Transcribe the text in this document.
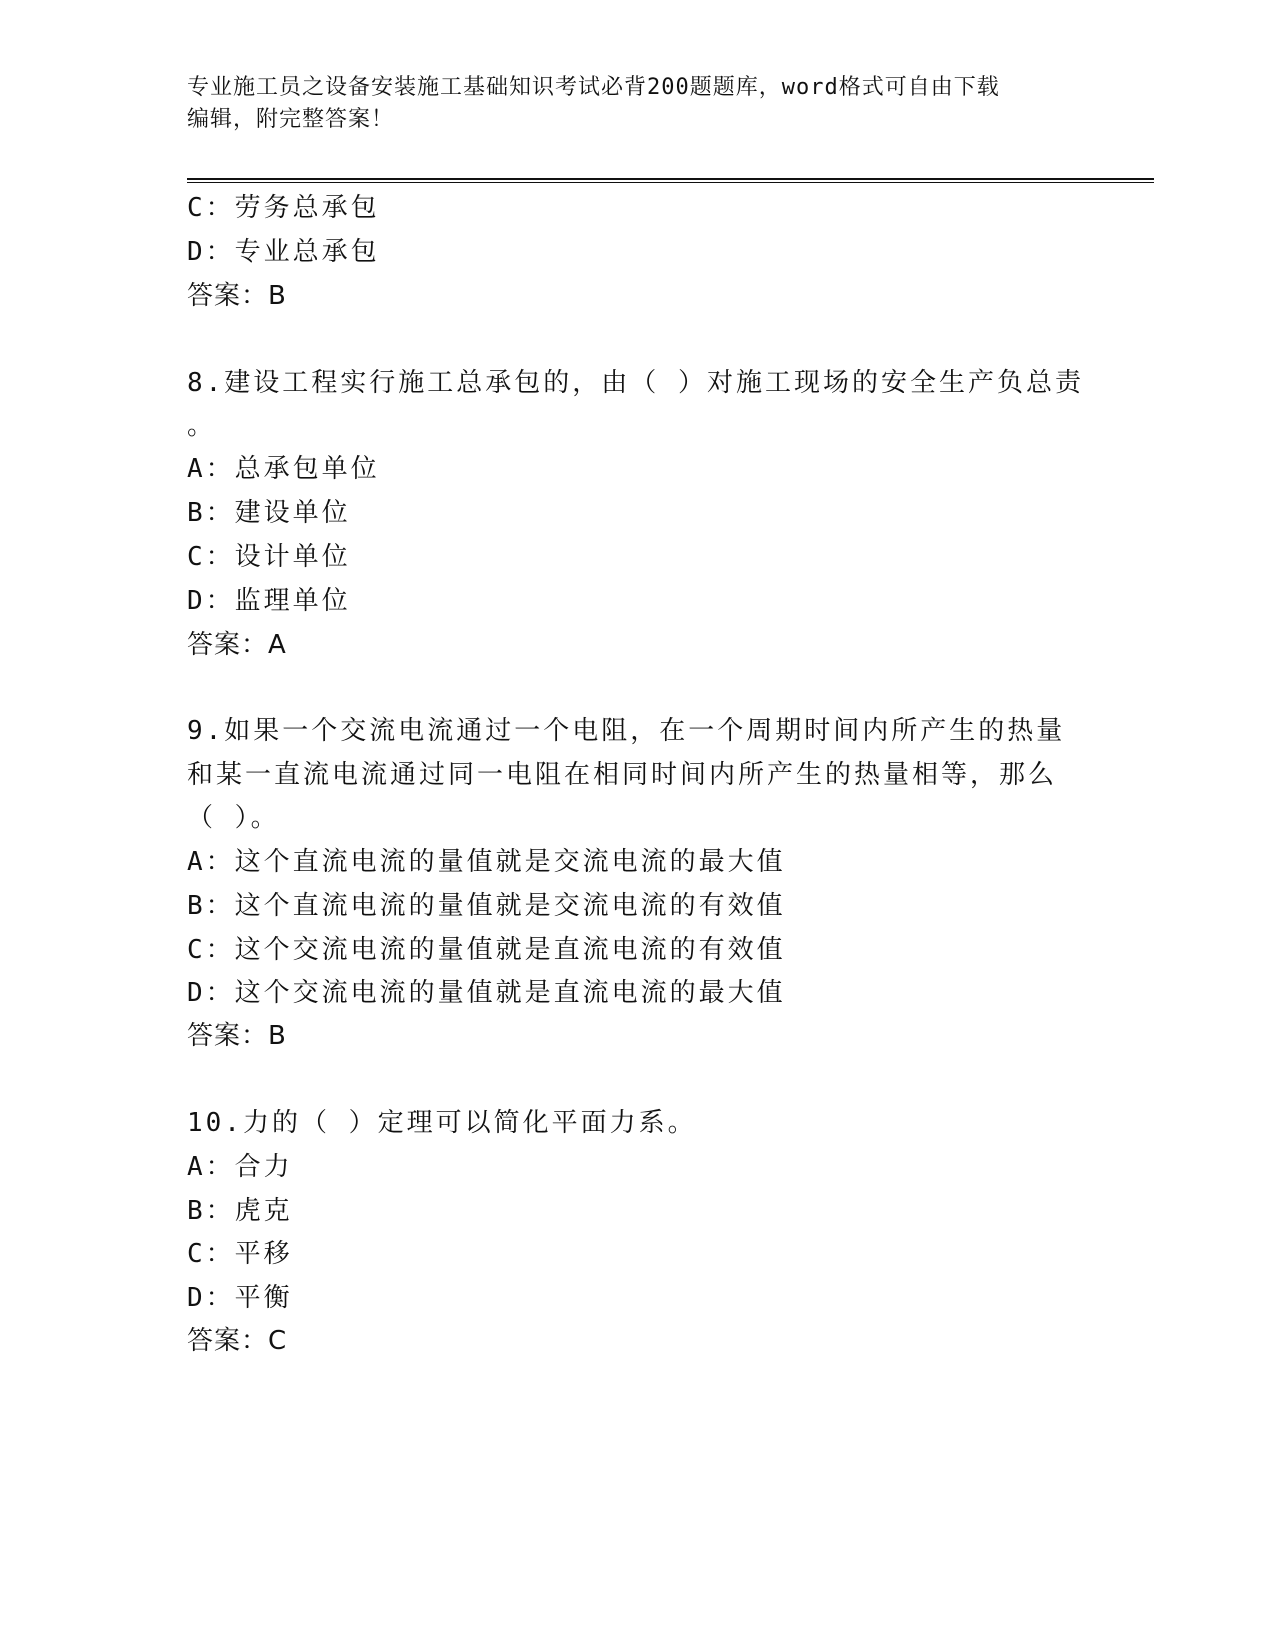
专业施工员之设备安装施工基础知识考试必背200题题库，word格式可自由下载
编辑，附完整答案！
C：劳务总承包
D：专业总承包
答案：B
8.建设工程实行施工总承包的，由（ ）对施工现场的安全生产负总责
。
A：总承包单位
B：建设单位
C：设计单位
D：监理单位
答案：A
9.如果一个交流电流通过一个电阻，在一个周期时间内所产生的热量
和某一直流电流通过同一电阻在相同时间内所产生的热量相等，那么
（ ）。
A：这个直流电流的量值就是交流电流的最大值
B：这个直流电流的量值就是交流电流的有效值
C：这个交流电流的量值就是直流电流的有效值
D：这个交流电流的量值就是直流电流的最大值
答案：B
10.力的（ ）定理可以简化平面力系。
A：合力
B：虎克
C：平移
D：平衡
答案：C
